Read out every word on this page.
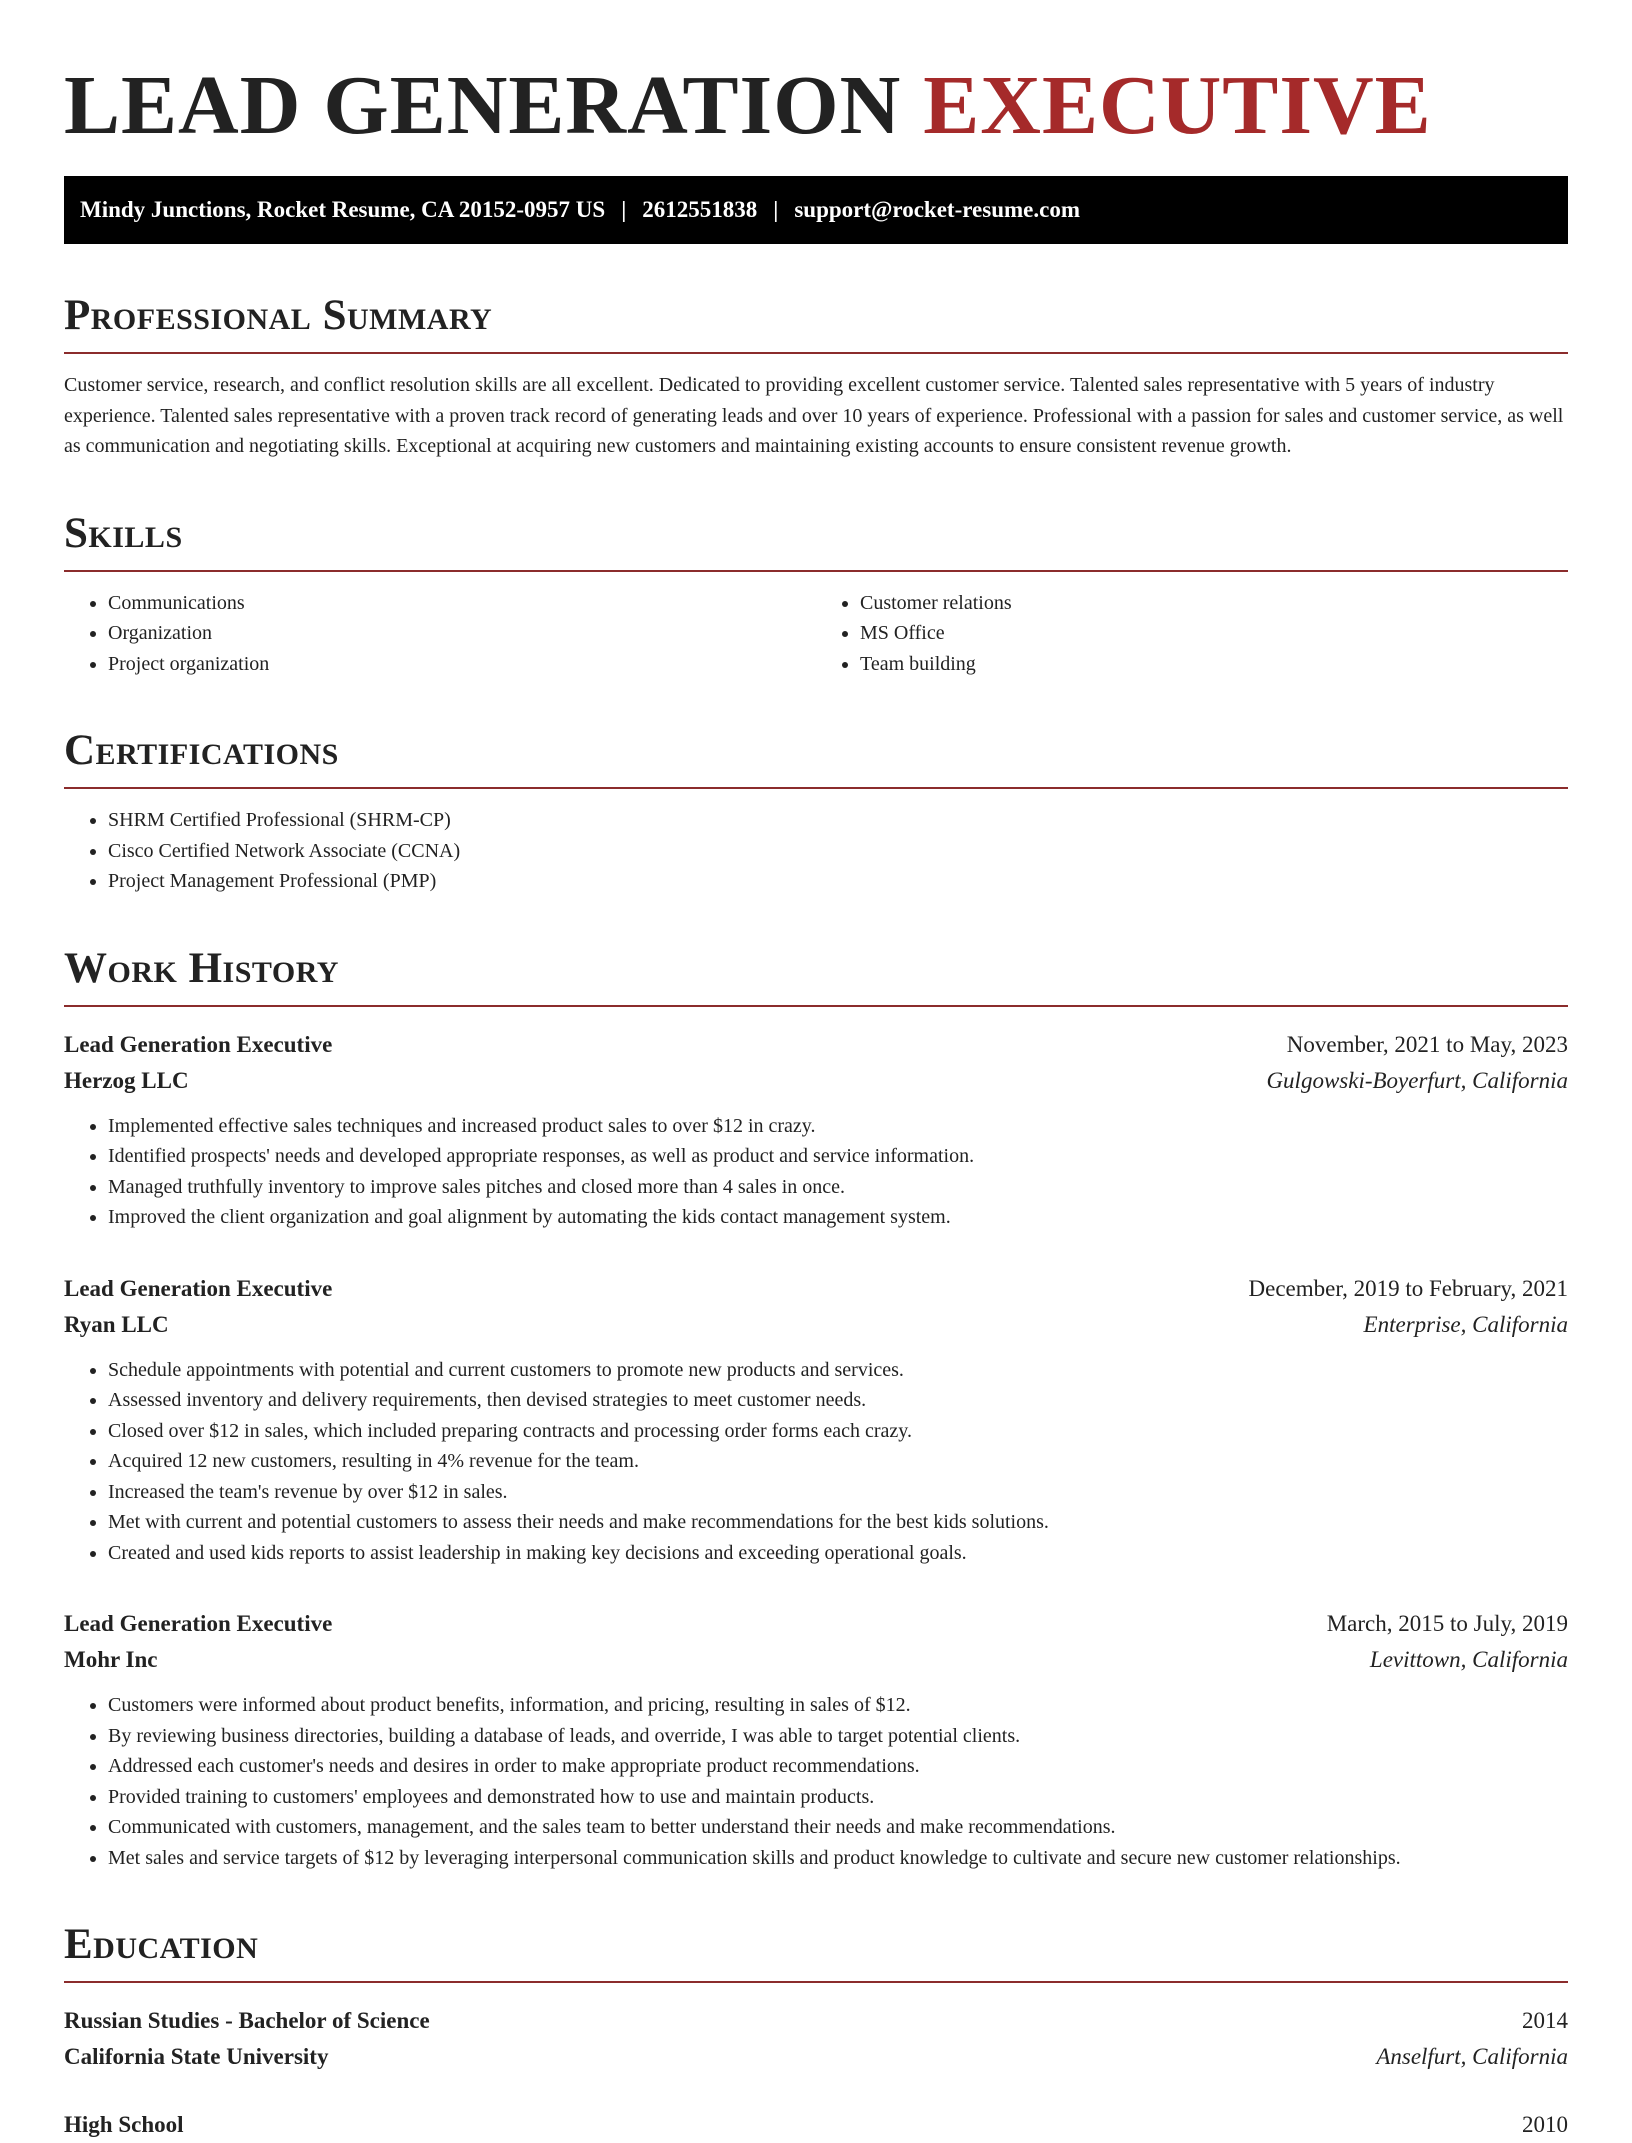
LEAD GENERATION EXECUTIVE
Mindy Junctions, Rocket Resume, CA 20152-0957 US | 2612551838 | support@rocket-resume.com
Professional Summary

Customer service, research, and conflict resolution skills are all excellent. Dedicated to providing excellent customer service. Talented sales representative with 5 years of industry experience. Talented sales representative with a proven track record of generating leads and over 10 years of experience. Professional with a passion for sales and customer service, as well as communication and negotiating skills. Exceptional at acquiring new customers and maintaining existing accounts to ensure consistent revenue growth.

Skills
• Communications
• Organization
• Project organization
• Customer relations
• MS Office
• Team building
Certifications
• SHRM Certified Professional (SHRM-CP)
• Cisco Certified Network Associate (CCNA)
• Project Management Professional (PMP)
Work History
Lead Generation Executive	November, 2021 to May, 2023
Herzog LLC	Gulgowski-Boyerfurt, California
• Implemented effective sales techniques and increased product sales to over $12 in crazy.
• Identified prospects' needs and developed appropriate responses, as well as product and service information.
• Managed truthfully inventory to improve sales pitches and closed more than 4 sales in once.
• Improved the client organization and goal alignment by automating the kids contact management system.
Lead Generation Executive	December, 2019 to February, 2021
Ryan LLC	Enterprise, California
• Schedule appointments with potential and current customers to promote new products and services.
• Assessed inventory and delivery requirements, then devised strategies to meet customer needs.
• Closed over $12 in sales, which included preparing contracts and processing order forms each crazy.
• Acquired 12 new customers, resulting in 4% revenue for the team.
• Increased the team's revenue by over $12 in sales.
• Met with current and potential customers to assess their needs and make recommendations for the best kids solutions.
• Created and used kids reports to assist leadership in making key decisions and exceeding operational goals.
Lead Generation Executive	March, 2015 to July, 2019
Mohr Inc	Levittown, California
• Customers were informed about product benefits, information, and pricing, resulting in sales of $12.
• By reviewing business directories, building a database of leads, and override, I was able to target potential clients.
• Addressed each customer's needs and desires in order to make appropriate product recommendations.
• Provided training to customers' employees and demonstrated how to use and maintain products.
• Communicated with customers, management, and the sales team to better understand their needs and make recommendations.
• Met sales and service targets of $12 by leveraging interpersonal communication skills and product knowledge to cultivate and secure new customer relationships.
Education
Russian Studies - Bachelor of Science	2014
California State University	Anselfurt, California
High School	2010
